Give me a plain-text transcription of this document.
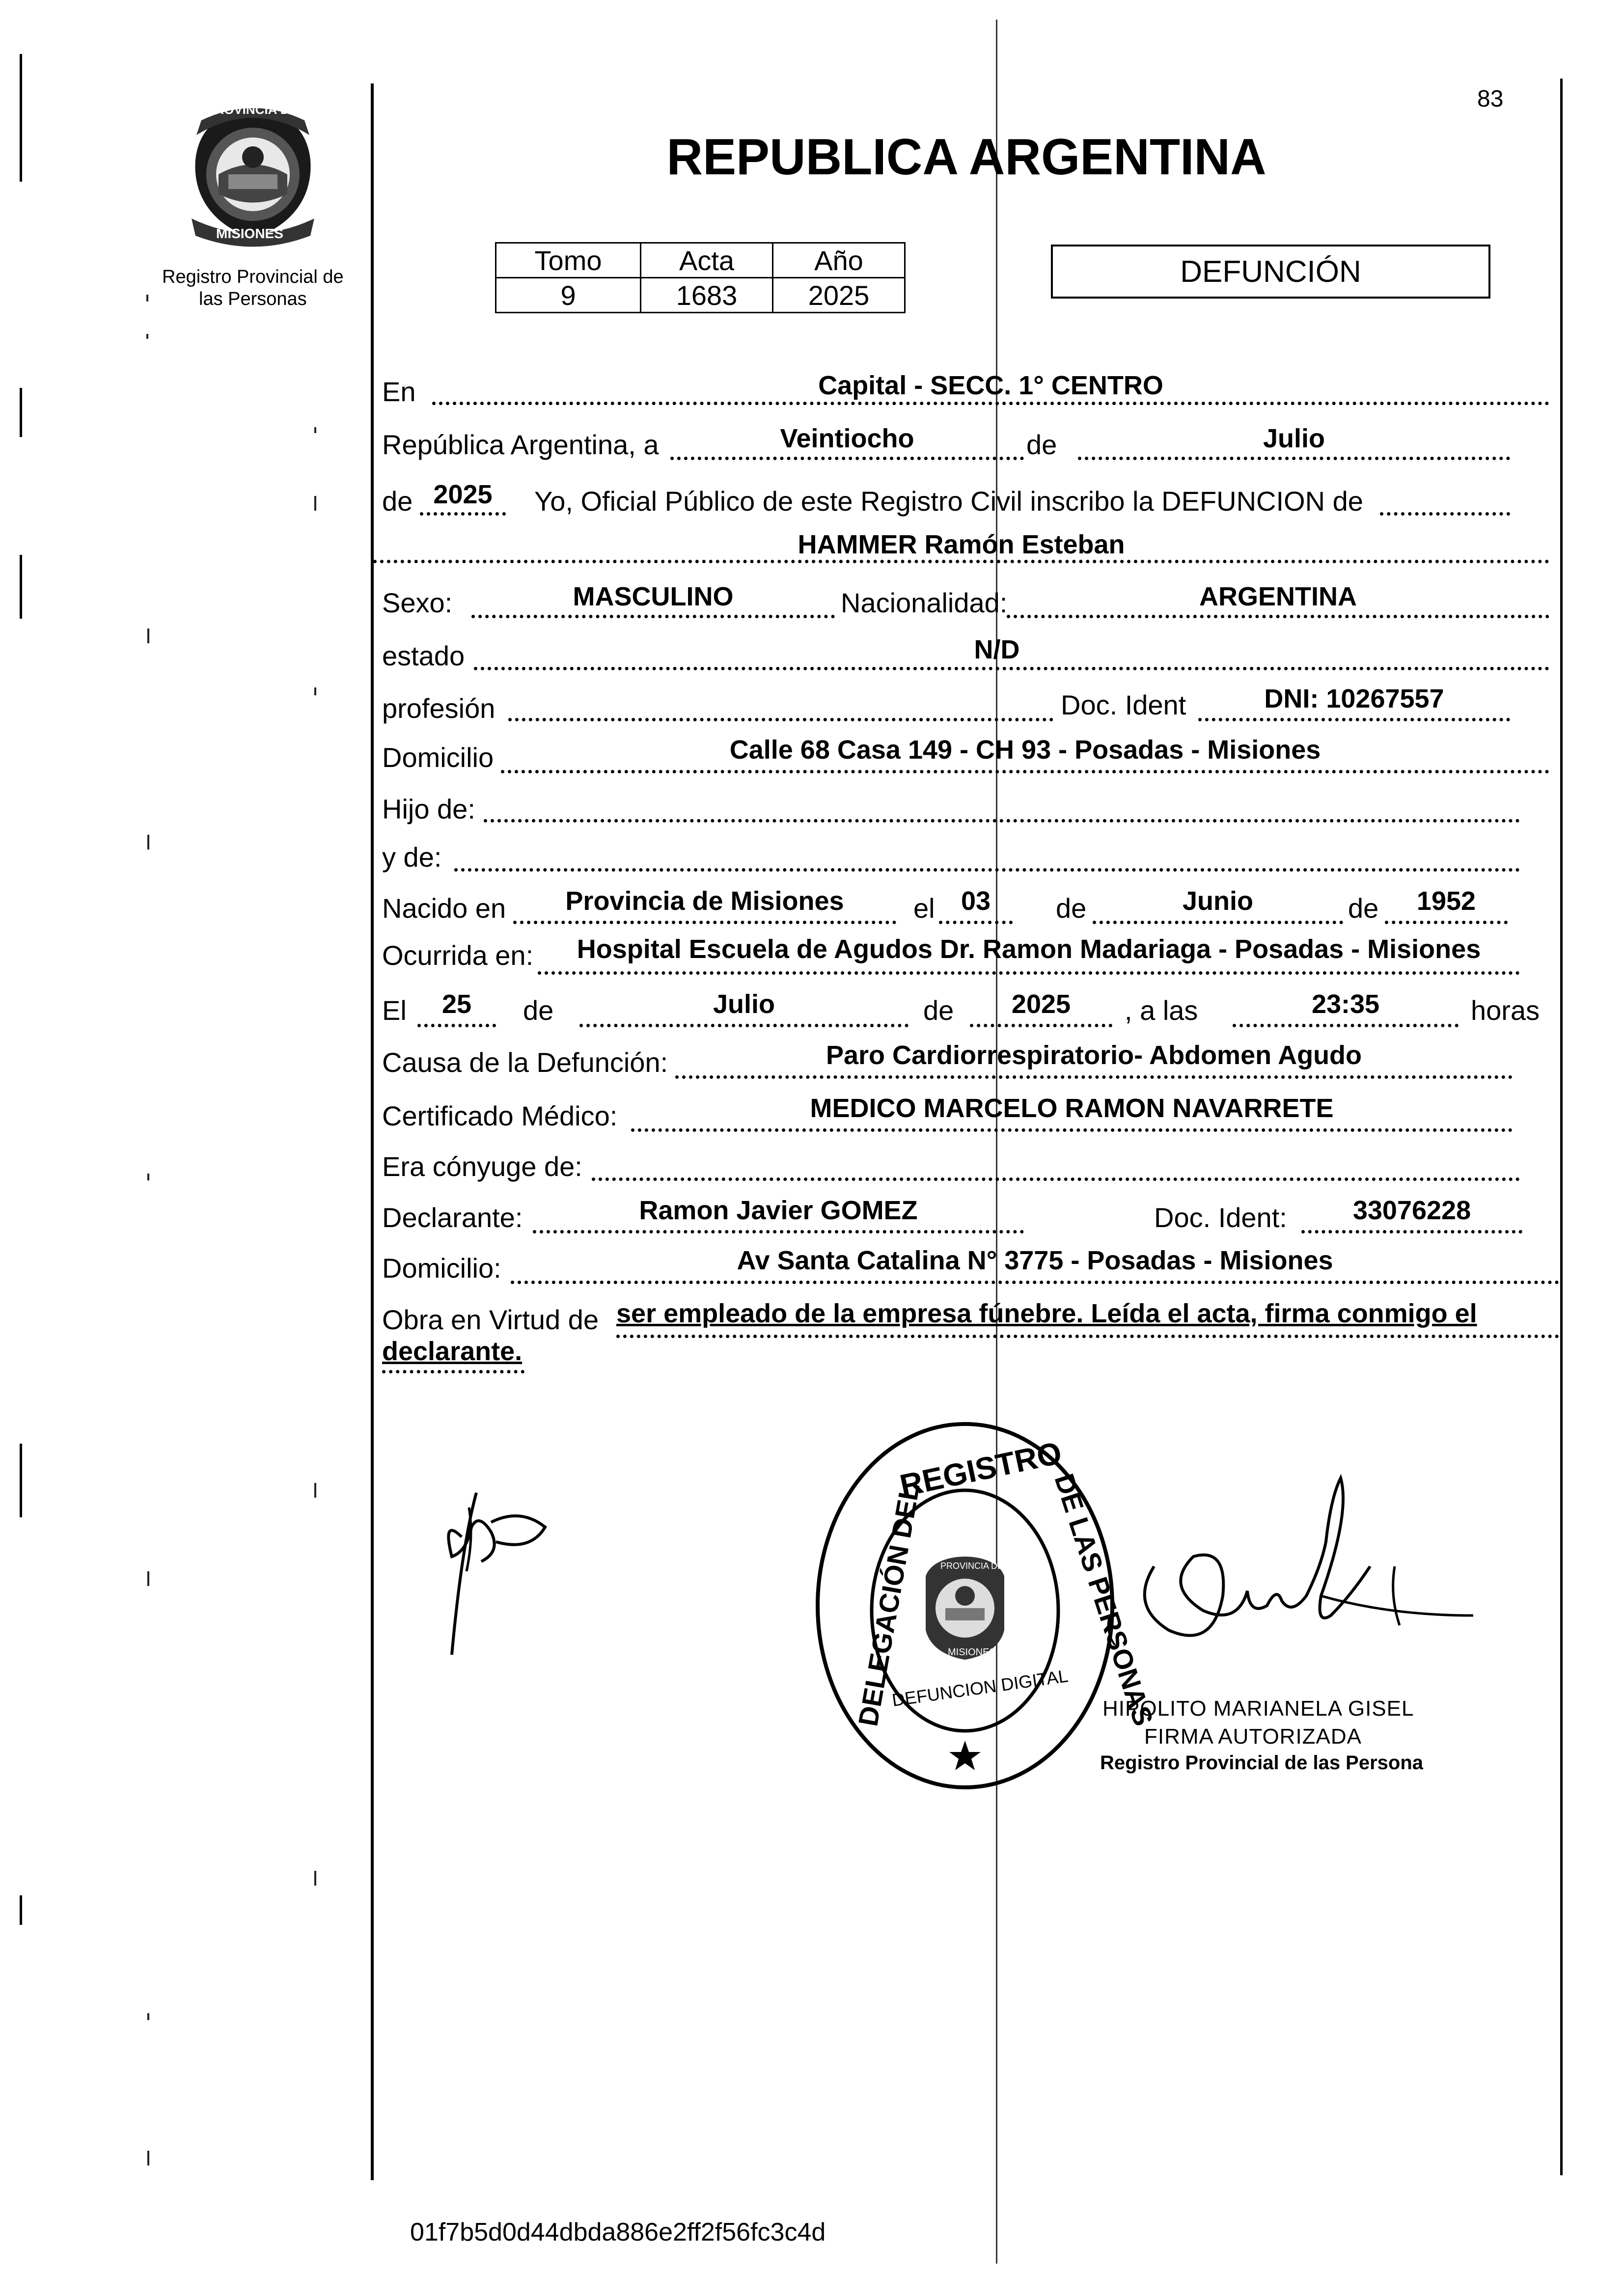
83
PROVINCIA DE
MISIONES
Registro Provincial de
las Personas
REPUBLICA ARGENTINA
Tomo	Acta	Año
9	1683	2025
DEFUNCIÓN
En	Capital - SECC. 1° CENTRO
República Argentina, a	Veintiocho	de	Julio
de 2025	Yo, Oficial Público de este Registro Civil inscribo la DEFUNCION de
HAMMER Ramón Esteban
Sexo:	MASCULINO	Nacionalidad:	ARGENTINA
estado	N/D
profesión	Doc. Ident	DNI: 10267557
Domicilio	Calle 68 Casa 149 - CH 93 - Posadas - Misiones
Hijo de:
y de:
Nacido en	Provincia de Misiones	el 03	de	Junio	de	1952
Ocurrida en:	Hospital Escuela de Agudos Dr. Ramon Madariaga - Posadas - Misiones
El	25	de	Julio	de	2025	, a las	23:35	horas
Causa de la Defunción:	Paro Cardiorrespiratorio- Abdomen Agudo
Certificado Médico:	MEDICO MARCELO RAMON NAVARRETE
Era cónyuge de:
Declarante:	Ramon Javier GOMEZ	Doc. Ident:	33076228
Domicilio:	Av Santa Catalina N° 3775 - Posadas - Misiones
Obra en Virtud de ser empleado de la empresa fúnebre. Leída el acta, firma conmigo el
declarante.
REGISTRO
DELEGACIÓN DEL	DE LAS PERSONAS
DEFUNCION DIGITAL
PROVINCIA DE
MISIONES
HIPOLITO MARIANELA GISEL
FIRMA AUTORIZADA
Registro Provincial de las Persona
01f7b5d0d44dbda886e2ff2f56fc3c4d
